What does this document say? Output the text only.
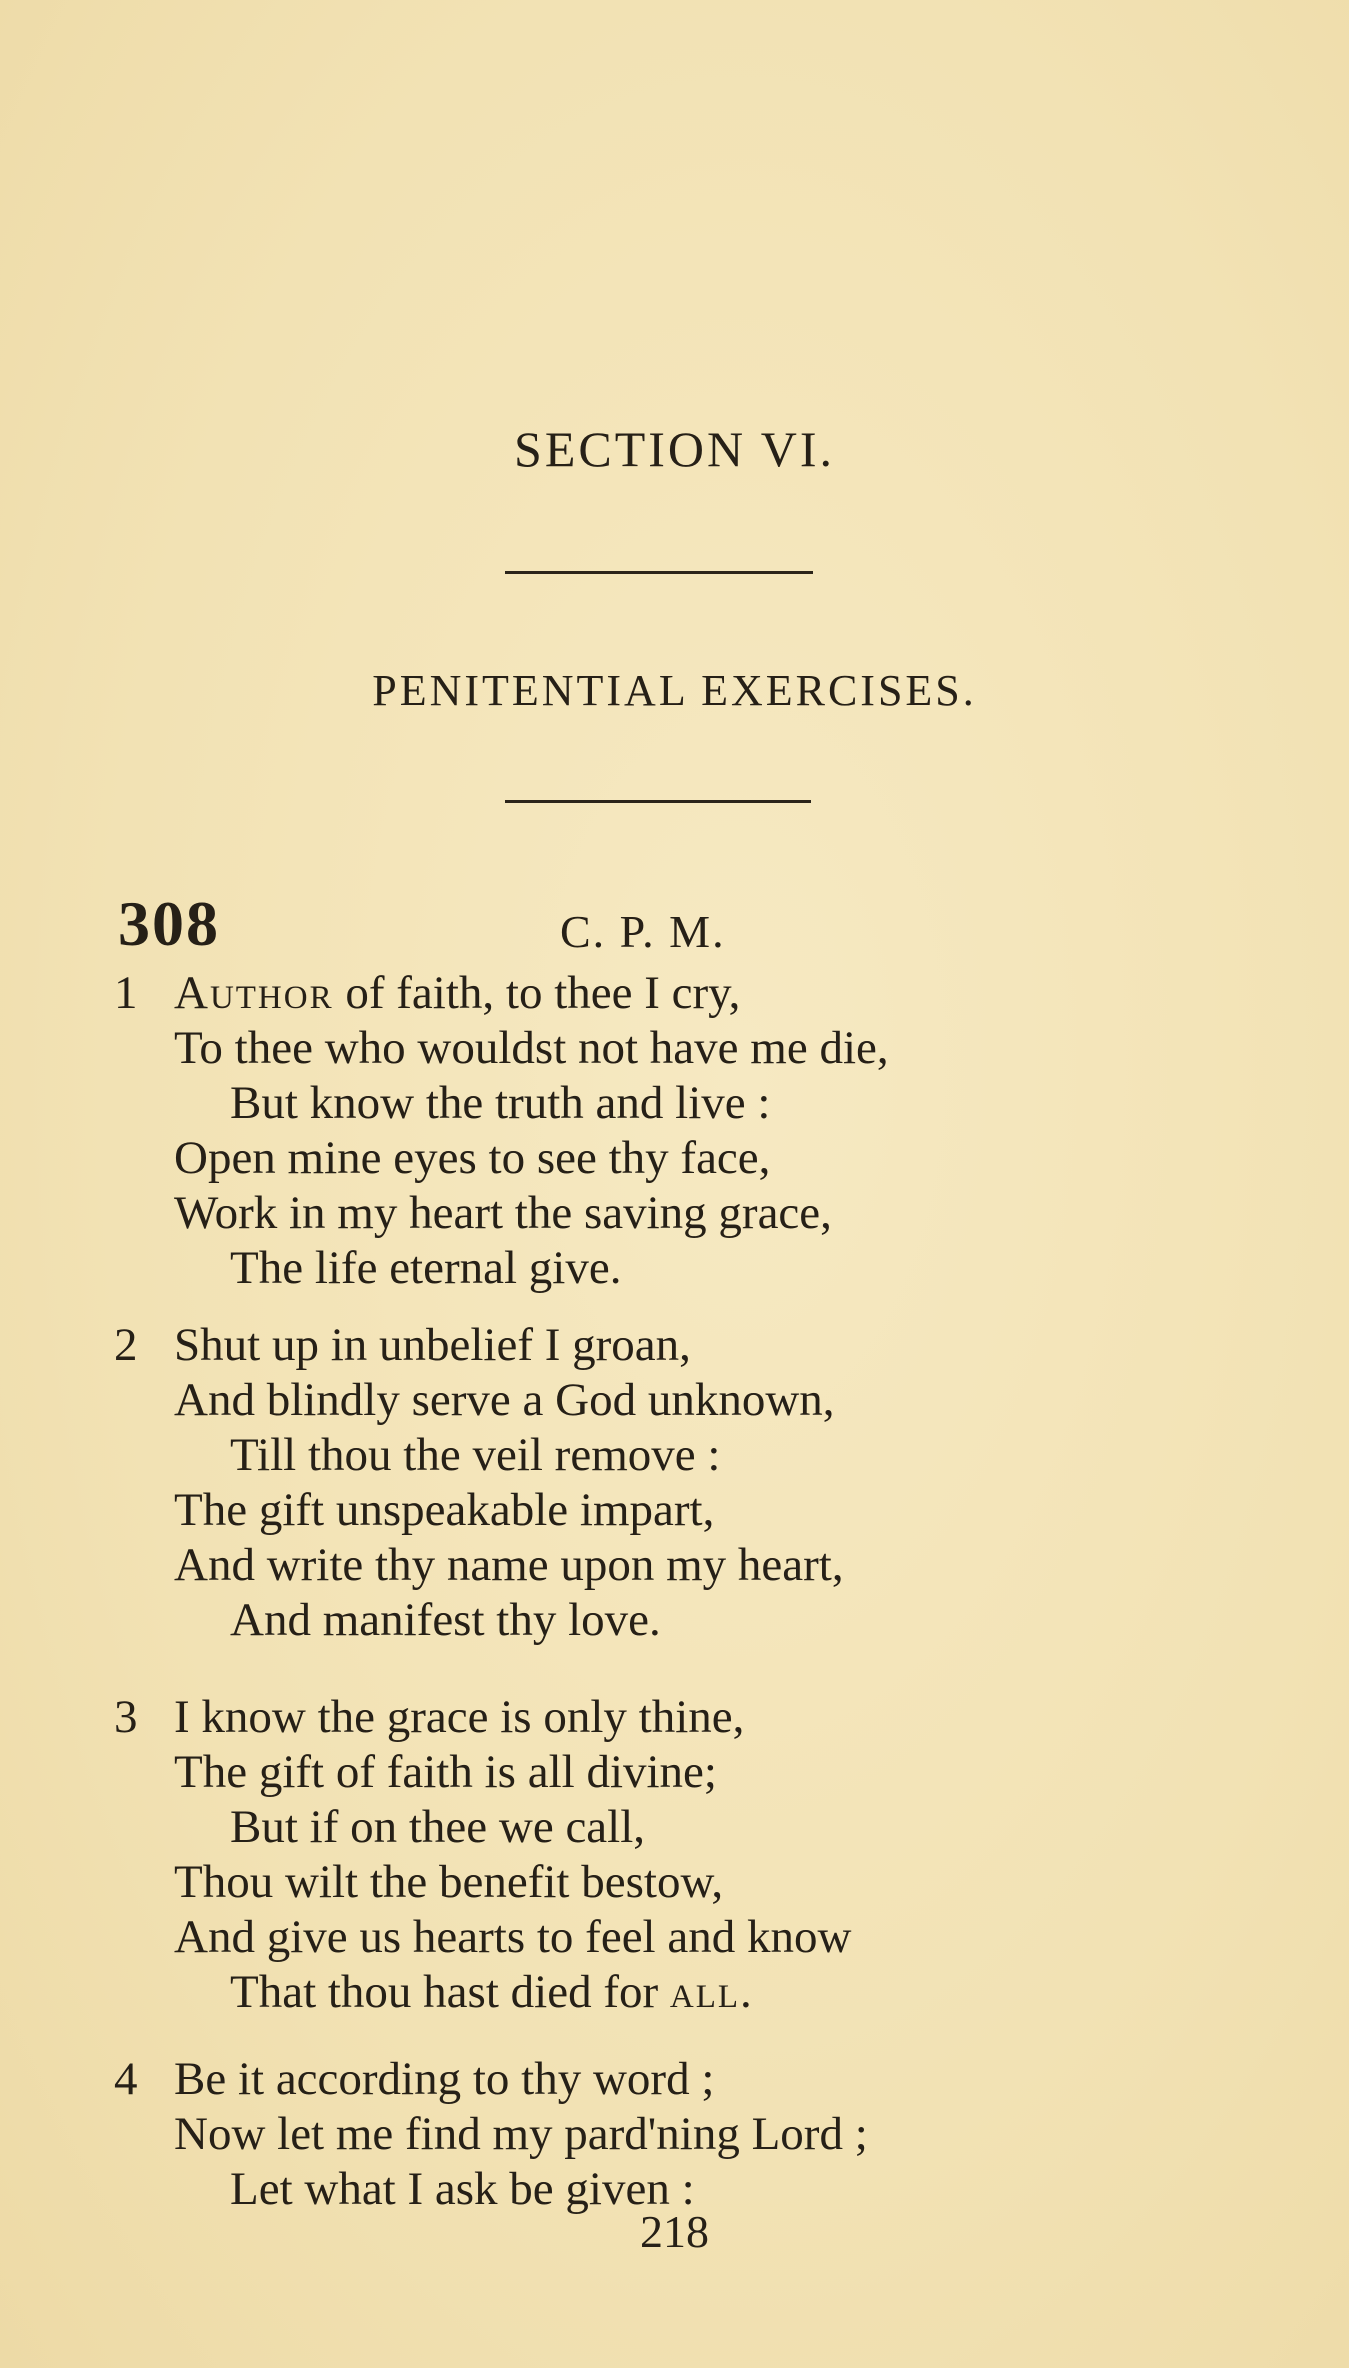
SECTION VI.
PENITENTIAL EXERCISES.
308	C. P. M.
1 Author of faith, to thee I cry,
To thee who wouldst not have me die,
But know the truth and live :
Open mine eyes to see thy face,
Work in my heart the saving grace,
The life eternal give.
2 Shut up in unbelief I groan,
And blindly serve a God unknown,
Till thou the veil remove :
The gift unspeakable impart,
And write thy name upon my heart,
And manifest thy love.
3 I know the grace is only thine,
The gift of faith is all divine;
But if on thee we call,
Thou wilt the benefit bestow,
And give us hearts to feel and know
That thou hast died for all.
4 Be it according to thy word ;
Now let me find my pard'ning Lord ;
Let what I ask be given :
218
